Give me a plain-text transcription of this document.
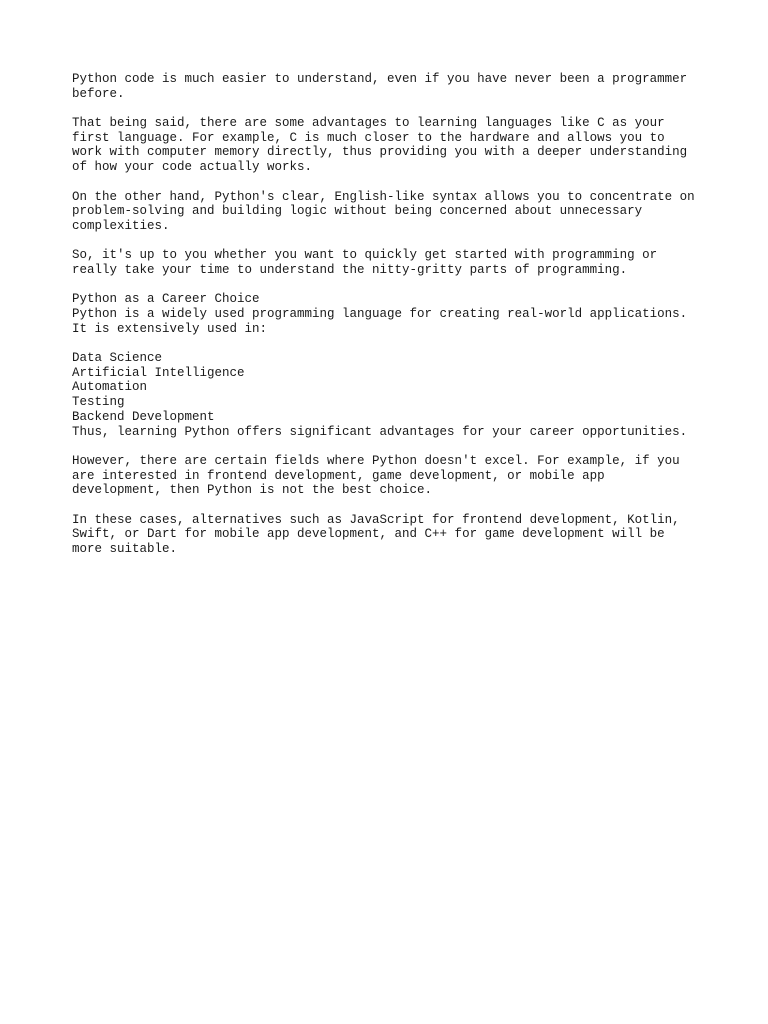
Python code is much easier to understand, even if you have never been a programmer
before.
That being said, there are some advantages to learning languages like C as your
first language. For example, C is much closer to the hardware and allows you to
work with computer memory directly, thus providing you with a deeper understanding
of how your code actually works.
On the other hand, Python's clear, English-like syntax allows you to concentrate on
problem-solving and building logic without being concerned about unnecessary
complexities.
So, it's up to you whether you want to quickly get started with programming or
really take your time to understand the nitty-gritty parts of programming.
Python as a Career Choice
Python is a widely used programming language for creating real-world applications.
It is extensively used in:
Data Science
Artificial Intelligence
Automation
Testing
Backend Development
Thus, learning Python offers significant advantages for your career opportunities.
However, there are certain fields where Python doesn't excel. For example, if you
are interested in frontend development, game development, or mobile app
development, then Python is not the best choice.
In these cases, alternatives such as JavaScript for frontend development, Kotlin,
Swift, or Dart for mobile app development, and C++ for game development will be
more suitable.
